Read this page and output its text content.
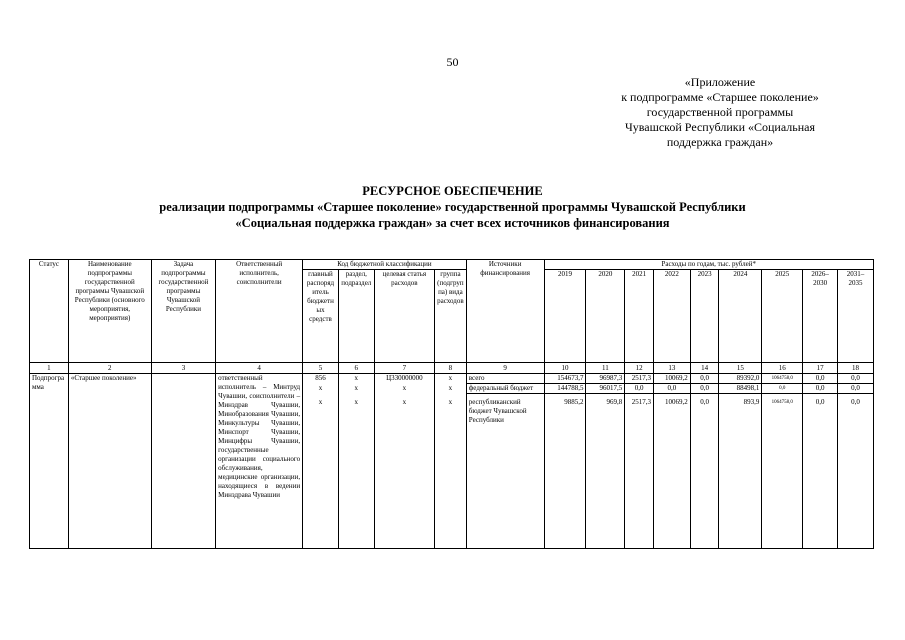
50
«Приложение
к подпрограмме «Старшее поколение»
государственной программы
Чувашской Республики «Социальная
поддержка граждан»
РЕСУРСНОЕ ОБЕСПЕЧЕНИЕ
реализации подпрограммы «Старшее поколение» государственной программы Чувашской Республики
«Социальная поддержка граждан» за счет всех источников финансирования
Статус	Наименование подпрограммы государственной программы Чувашской Республики (основного мероприятия, мероприятия)	Задача подпрограммы государственной программы Чувашской Республики	Ответственный исполнитель, соисполнители	Код бюджетной классификации				Источники финансирования	Расходы по годам, тыс. рублей*								
				главный распорядитель бюджетных средств	раздел, подраздел	целевая статья расходов	группа (подгруппа) вида расходов		2019	2020	2021	2022	2023	2024	2025	2026–2030	2031–2035
1	2	3	4	5	6	7	8	9	10	11	12	13	14	15	16	17	18
Подпрограмма	«Старшее поколение»		ответственный исполнитель – Минтруд Чувашии, соисполнители – Минздрав Чувашии, Минобразования Чувашии, Минкультуры Чувашии, Минспорт Чувашии, Минцифры Чувашии, государственные организации социального обслуживания, медицинские организации, находящиеся в ведении Минздрава Чувашии	856	x	Ц330000000	x	всего	154673,7	96987,3	2517,3	10069,2	0,0	89392,0	1064758,0	0,0	0,0
				x	x	x	x	федеральный бюджет	144788,5	96017,5	0,0	0,0	0,0	88498,1	0,0	0,0	0,0
				x	x	x	x	республиканский бюджет Чувашской Республики	9885,2	969,8	2517,3	10069,2	0,0	893,9	1064758,0	0,0	0,0
